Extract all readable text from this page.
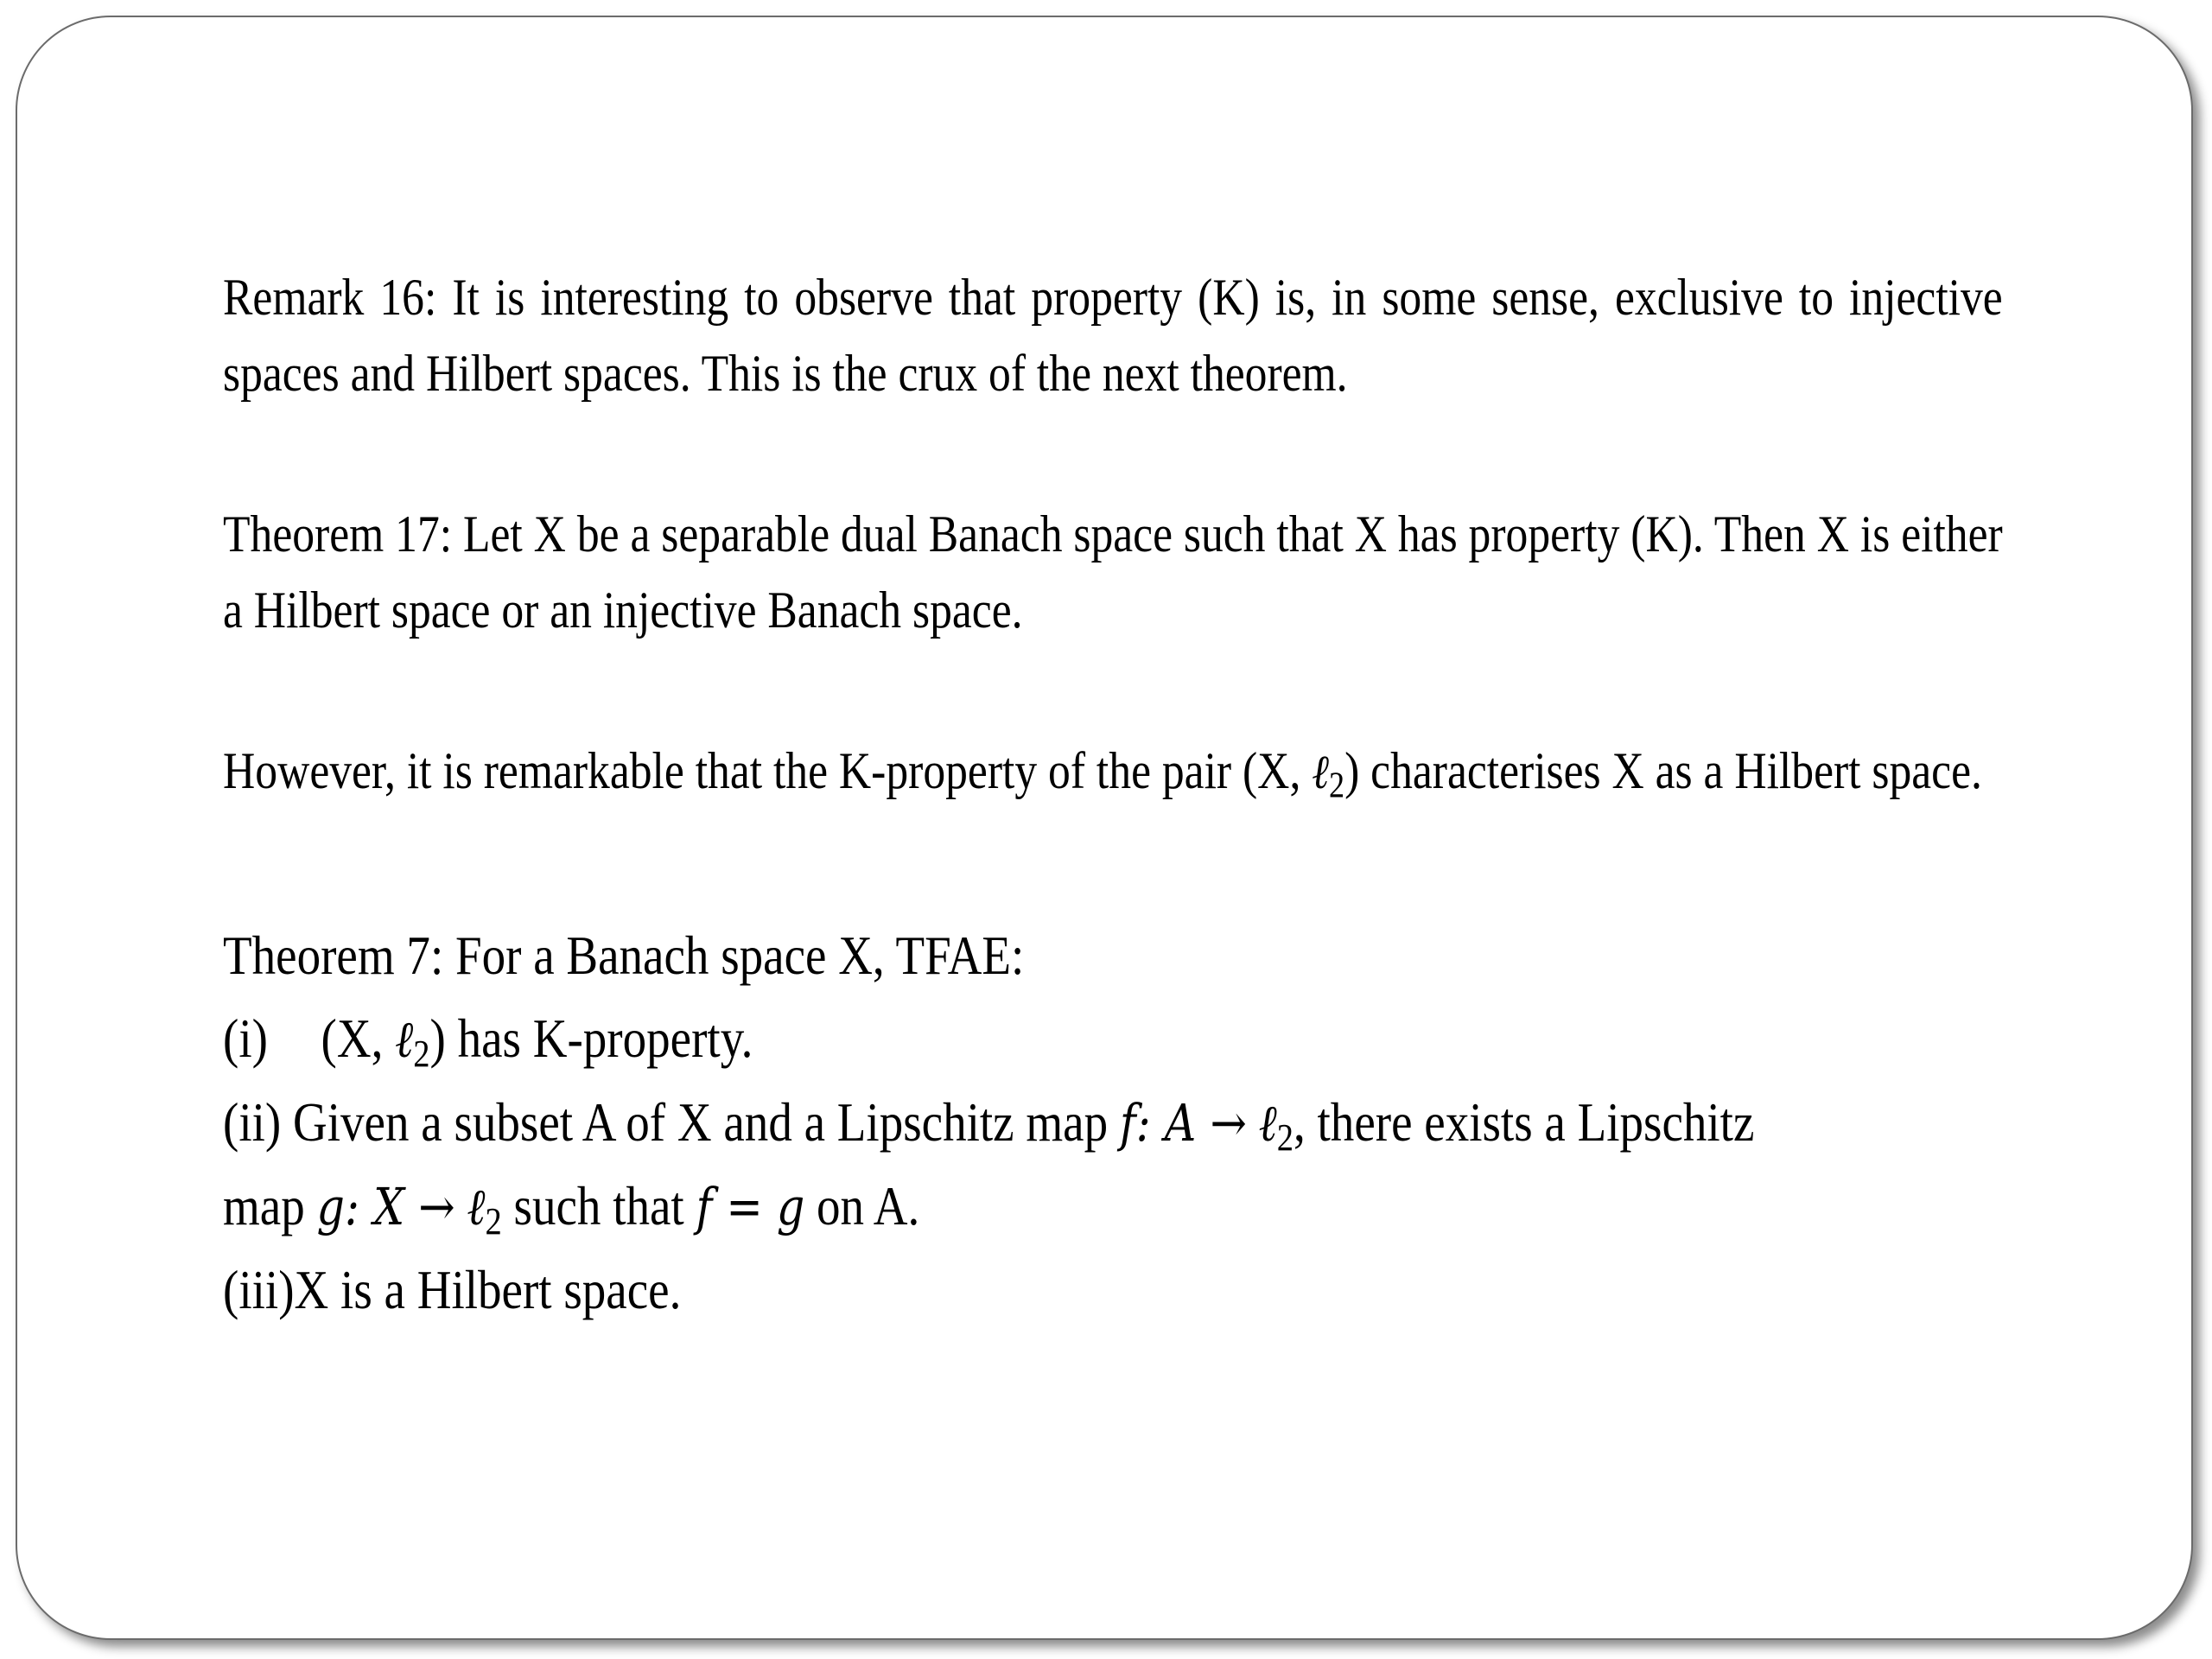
Remark 16: It is interesting to observe that property (K) is, in some sense, exclusive to injective spaces and Hilbert spaces. This is the crux of the next theorem.

Theorem 17: Let X be a separable dual Banach space such that X has property (K). Then X is either a Hilbert space or an injective Banach space.

However, it is remarkable that the K-property of the pair (X, ℓ$_2$) characterises X as a Hilbert space.

Theorem 7: For a Banach space X, TFAE:
(i) (X, ℓ$_2$) has K-property.
(ii) Given a subset A of X and a Lipschitz map f: A → ℓ$_2$, there exists a Lipschitz
map g: X → ℓ$_2$ such that f = g on A.
(iii)X is a Hilbert space.
